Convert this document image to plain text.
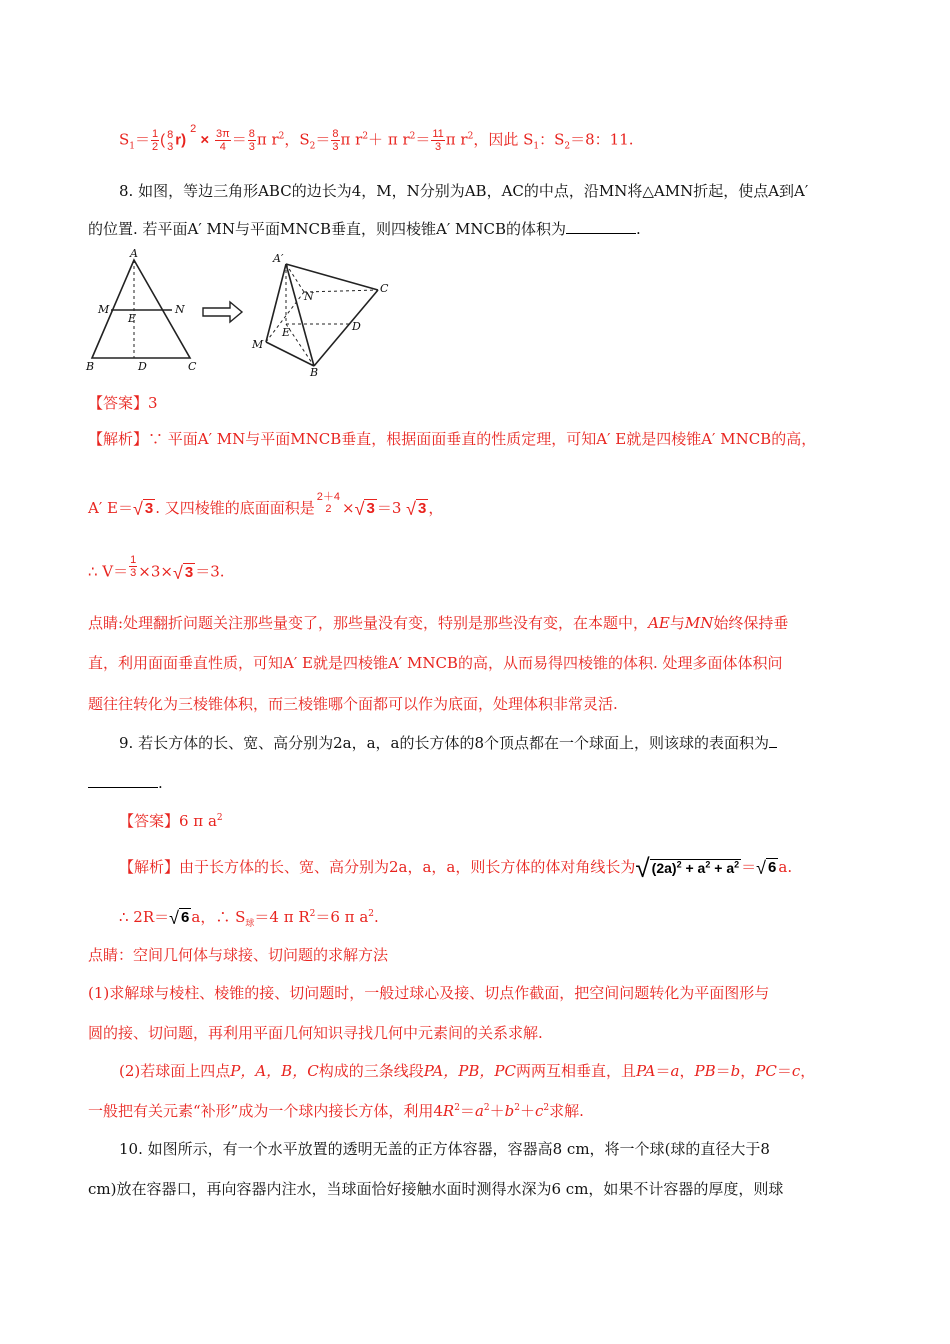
$S_1= \frac{1}{2}$ ( 8
3 $r)^2 \times \frac{3\pi}{4} = \frac{8}{3}$ π $r^2$，$S_2= \frac{8}{3}$ π $r^2+ \pi$ $r^2= \frac{11}{3}$ π $r^2$，因此 $S_1$：$S_2=8$：11.
8. 如图，等边三角形ABC的边长为4，M，N分别为AB，AC的中点，沿MN将△AMN折起，使点A到A′
的位置. 若平面A′ MN与平面MNCB垂直，则四棱锥A′ MNCB的体积为	.
A
M	N
E
B	D	C
A′
N
C
E	D
M
B
【答案】3
【解析】∵ 平面A′ MN与平面MNCB垂直，根据面面垂直的性质定理，可知A′ E就是四棱锥A′ MNCB的高，
A′ E＝√ 3 . 又四棱锥的底面面积是
2＋4
2 ×√ 3 ＝3 √ 3 ，
∴ $V= \frac{1}{3} \times 3\times√$ 3 ＝3.
点睛:处理翻折问题关注那些量变了，那些量没有变，特别是那些没有变，在本题中，AE与MN始终保持垂
直，利用面面垂直性质，可知A′ E就是四棱锥A′ MNCB的高，从而易得四棱锥的体积. 处理多面体体积问
题往往转化为三棱锥体积，而三棱锥哪个面都可以作为底面，处理体积非常灵活.
9. 若长方体的长、宽、高分别为2a，a，a的长方体的8个顶点都在一个球面上，则该球的表面积为
.
【答案】6 π $a^2$
【解析】由于长方体的长、宽、高分别为2a，a，a，则长方体的体对角线长为√ $(2a)^2 + a^2 + a^2$ ＝√ 6 a.
∴ 2R＝√ 6 a，∴ $S_球=4$ π $R^2=6$ π $a^2$.
点睛：空间几何体与球接、切问题的求解方法
(1)求解球与棱柱、棱锥的接、切问题时，一般过球心及接、切点作截面，把空间问题转化为平面图形与
圆的接、切问题，再利用平面几何知识寻找几何中元素间的关系求解.
(2)若球面上四点P，A，B，C构成的三条线段PA，PB，PC两两互相垂直，且PA＝a，PB＝b，PC＝c，
一般把有关元素“补形”成为一个球内接长方体，利用$4R^2=a^2+b^2+c^2$求解.
10. 如图所示，有一个水平放置的透明无盖的正方体容器，容器高8 cm，将一个球(球的直径大于8
cm)放在容器口，再向容器内注水，当球面恰好接触水面时测得水深为6 cm，如果不计容器的厚度，则球
